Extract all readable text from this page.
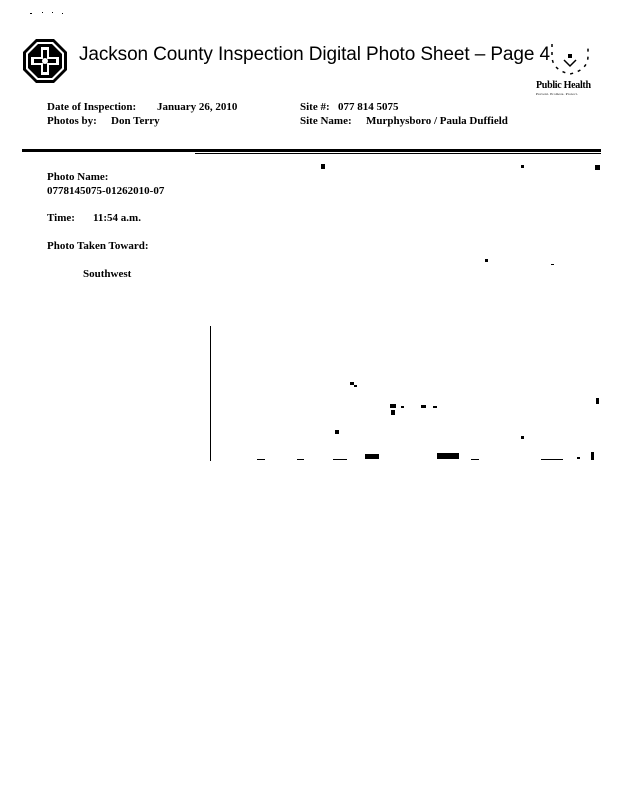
Jackson County Inspection Digital Photo Sheet – Page 4
Public Health
Prevent. Promote. Protect.
Date of Inspection: January 26, 2010
Photos by: Don Terry
Site #: 077 814 5075
Site Name: Murphysboro / Paula Duffield
Photo Name:
0778145075-01262010-07
Time: 11:54 a.m.
Photo Taken Toward:
Southwest
